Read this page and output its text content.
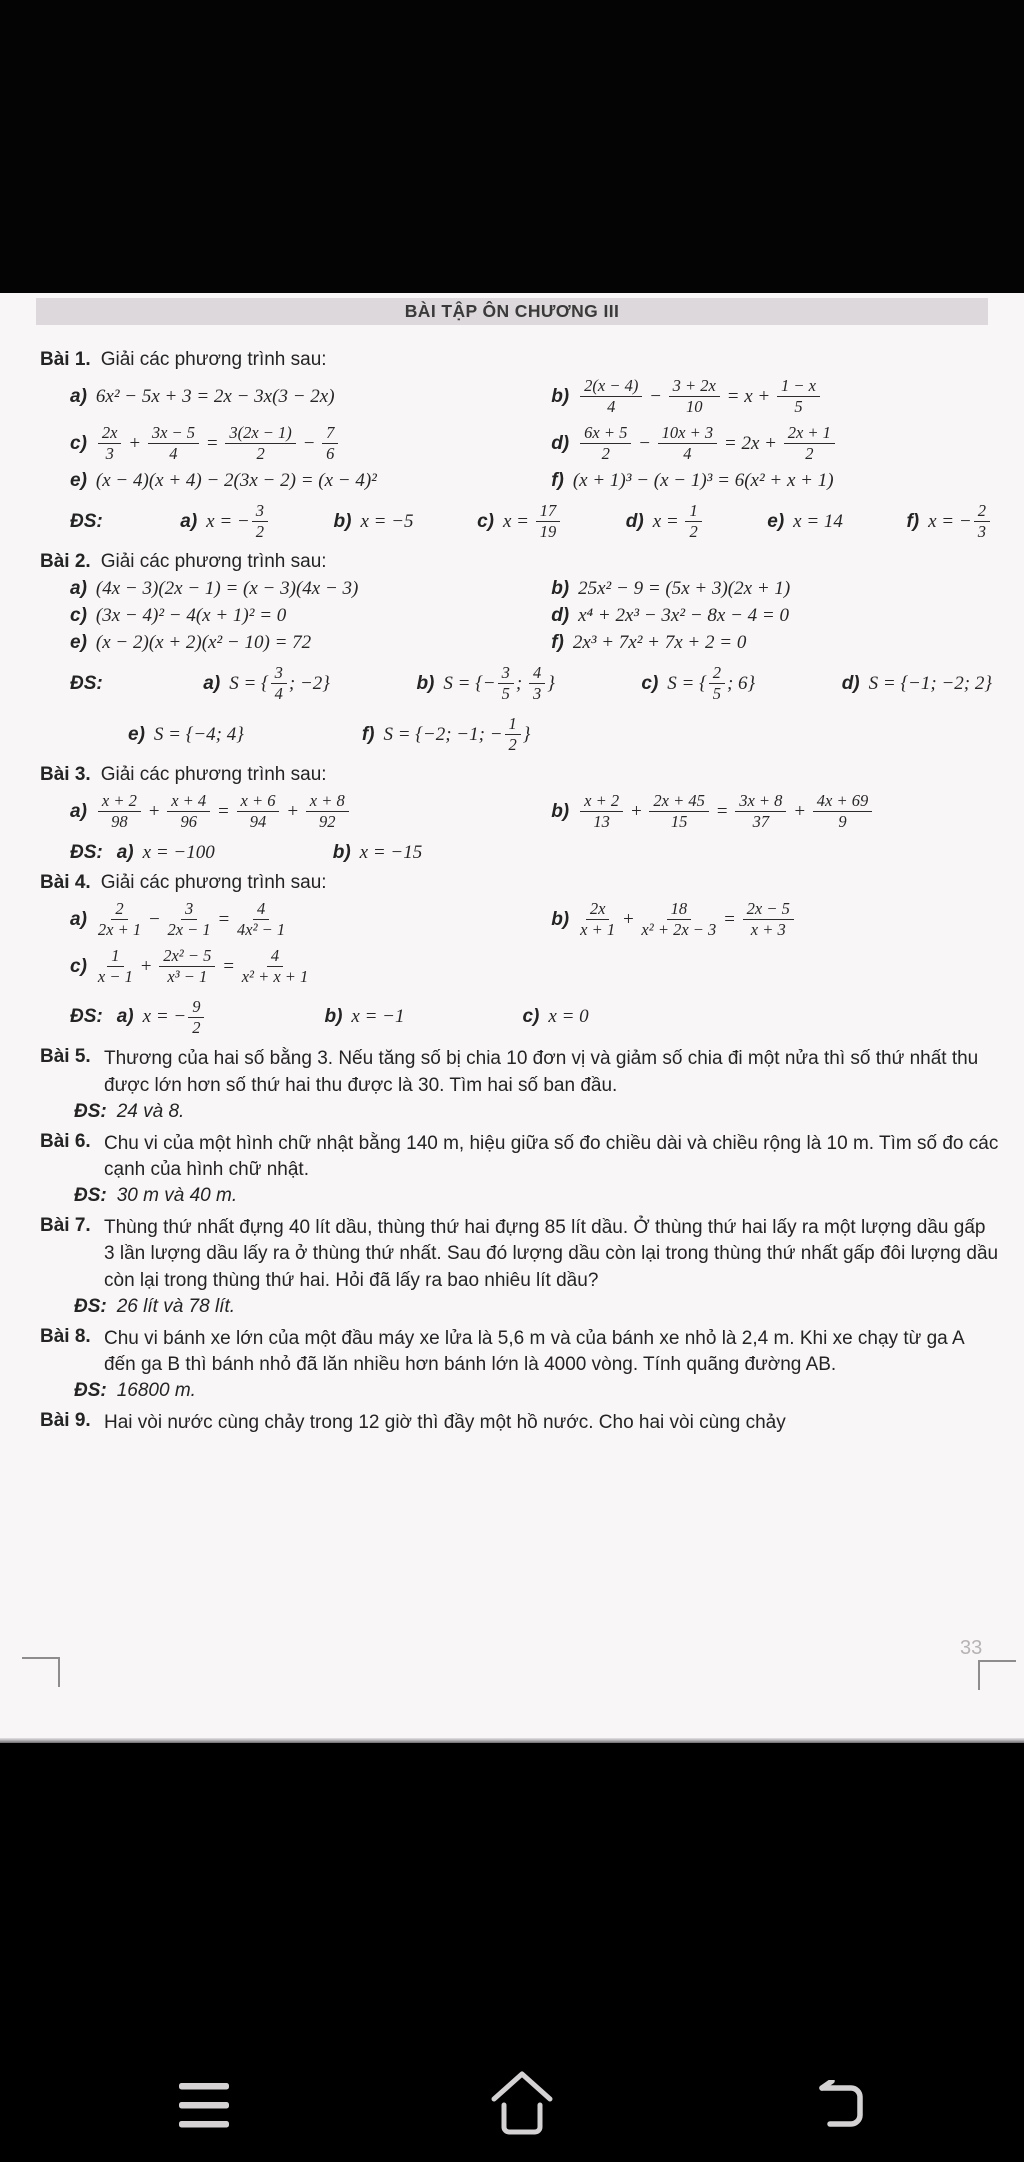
BÀI TẬP ÔN CHƯƠNG III
Bài 1. Giải các phương trình sau:
a) 6x² − 5x + 3 = 2x − 3x(3 − 2x)	$b) \frac{2(x - 4)}{4} - \frac{3 + 2x}{10} = x + \frac{1 - x}{5}$
$c) \frac{2x}{3} + \frac{3x - 5}{4} = \frac{3(2x - 1)}{2} - \frac{7}{6}$	$d) \frac{6x + 5}{2} - \frac{10x + 3}{4} = 2x + \frac{2x + 1}{2}$
e) (x − 4)(x + 4) − 2(3x − 2) = (x − 4)²	f) (x + 1)³ − (x − 1)³ = 6(x² + x + 1)
ĐS:	a) x = − $\frac{3}{2}$	b) x = −5	c) $x = \frac{17}{19}$	d) $x = \frac{1}{2}$	e) x = 14	f) x = − $\frac{2}{3}$
Bài 2. Giải các phương trình sau:
a) (4x − 3)(2x − 1) = (x − 3)(4x − 3)	b) 25x² − 9 = (5x + 3)(2x + 1)
c) (3x − 4)² − 4(x + 1)² = 0	d) x⁴ + 2x³ − 3x² − 8x − 4 = 0
e) (x − 2)(x + 2)(x² − 10) = 72	f) 2x³ + 7x² + 7x + 2 = 0
ĐS:	a) S = { $\frac{3}{4}$ ; −2}	b) S = {− $\frac{3}{5}$ ; $\frac{4}{3}$ }	c) S = { $\frac{2}{5}$ ; 6}	d) S = {−1; −2; 2}
e) S = {−4; 4}	f) S = {−2; −1; − $\frac{1}{2}$ }
Bài 3. Giải các phương trình sau:
$a) \frac{x + 2}{98} + \frac{x + 4}{96} = \frac{x + 6}{94} + \frac{x + 8}{92}$	$b) \frac{x + 2}{13} + \frac{2x + 45}{15} = \frac{3x + 8}{37} + \frac{4x + 69}{9}$
ĐS: a) x = −100	b) x = −15
Bài 4. Giải các phương trình sau:
$a) \frac{2}{2x + 1} - \frac{3}{2x - 1} = \frac{4}{\text{4x² − 1}}$	$b) \frac{2x}{x + 1} + \frac{18}{\text{x² + 2x − 3}} = \frac{2x - 5}{x + 3}$
$c) \frac{1}{x - 1} + \frac{\text{2x² − 5}}{\text{x³ − 1}} = \frac{4}{\text{x² + x + 1}}$
ĐS: a) x = − $\frac{9}{2}$	b) x = −1	c) x = 0
Bài 5. Thương của hai số bằng 3. Nếu tăng số bị chia 10 đơn vị và giảm số chia đi một nửa thì số thứ nhất thu được lớn hơn số thứ hai thu được là 30. Tìm hai số ban đầu.
ĐS: 24 và 8.
Bài 6. Chu vi của một hình chữ nhật bằng 140 m, hiệu giữa số đo chiều dài và chiều rộng là 10 m. Tìm số đo các cạnh của hình chữ nhật.
ĐS: 30 m và 40 m.
Bài 7. Thùng thứ nhất đựng 40 lít dầu, thùng thứ hai đựng 85 lít dầu. Ở thùng thứ hai lấy ra một lượng dầu gấp 3 lần lượng dầu lấy ra ở thùng thứ nhất. Sau đó lượng dầu còn lại trong thùng thứ nhất gấp đôi lượng dầu còn lại trong thùng thứ hai. Hỏi đã lấy ra bao nhiêu lít dầu?
ĐS: 26 lít và 78 lít.
Bài 8. Chu vi bánh xe lớn của một đầu máy xe lửa là 5,6 m và của bánh xe nhỏ là 2,4 m. Khi xe chạy từ ga A đến ga B thì bánh nhỏ đã lăn nhiều hơn bánh lớn là 4000 vòng. Tính quãng đường AB.
ĐS: 16800 m.
Bài 9. Hai vòi nước cùng chảy trong 12 giờ thì đầy một hồ nước. Cho hai vòi cùng chảy
33
